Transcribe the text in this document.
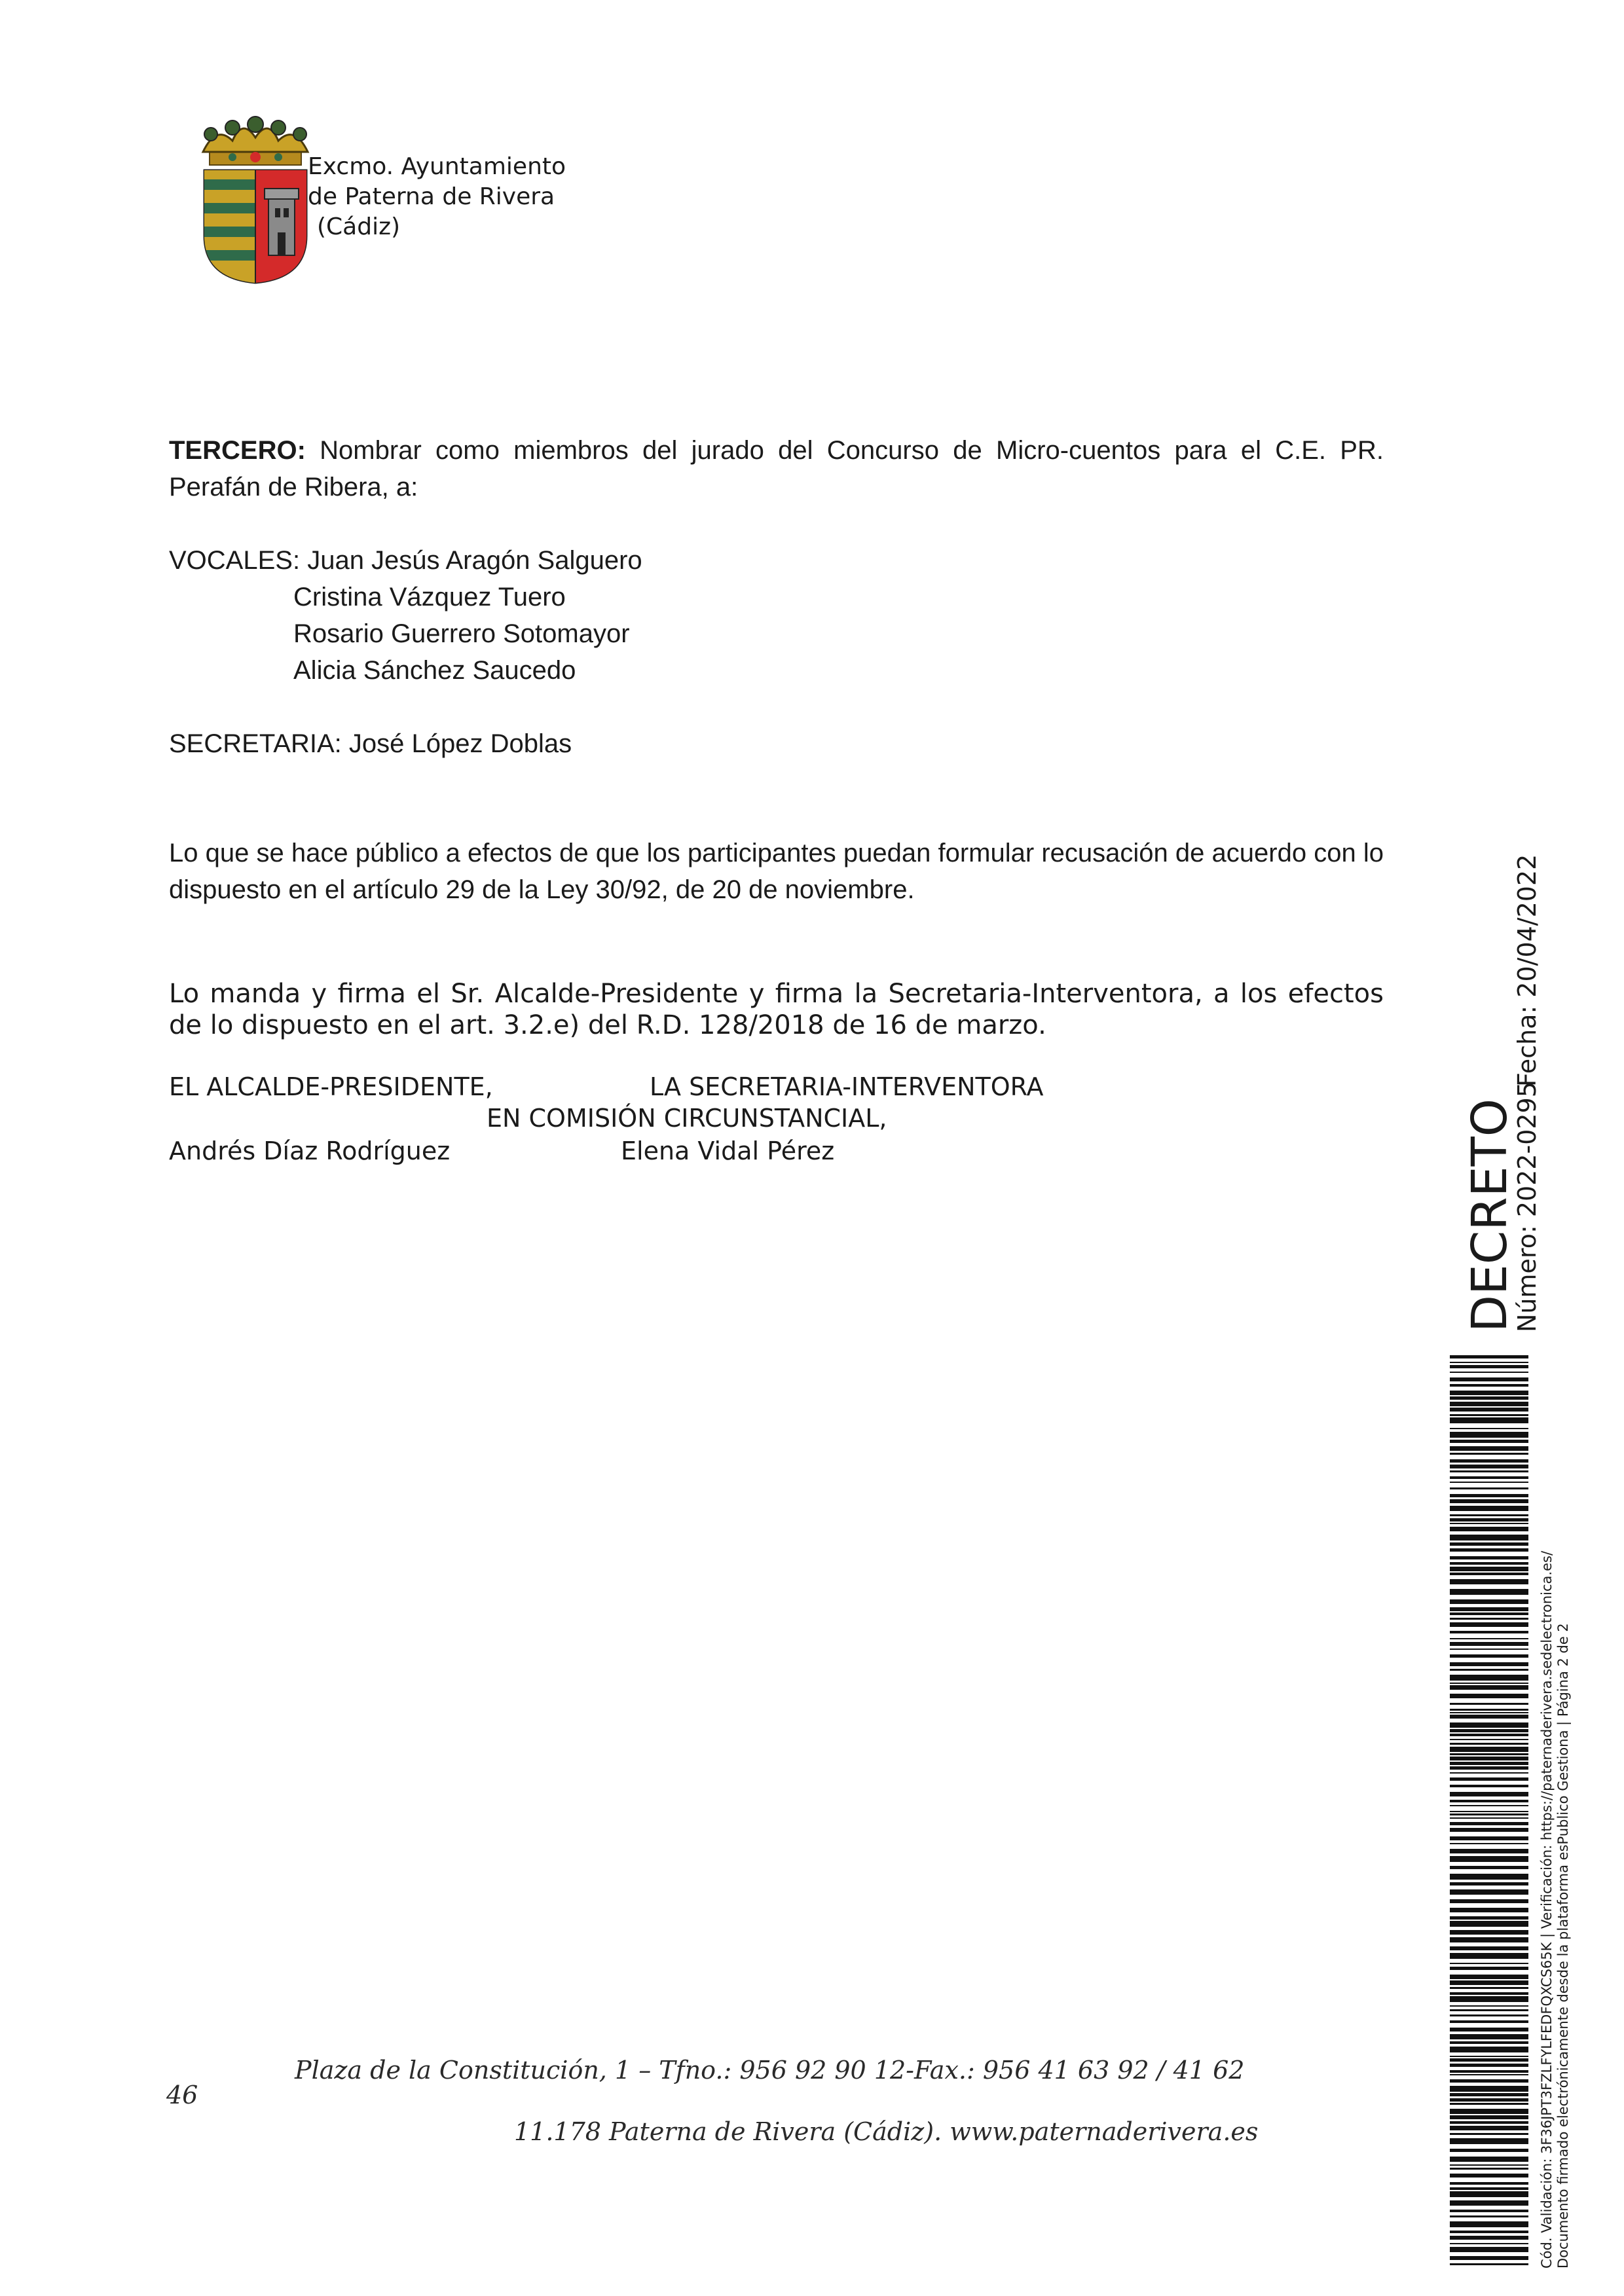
Excmo. Ayuntamiento
de Paterna de Rivera
(Cádiz)
TERCERO: Nombrar como miembros del jurado del Concurso de Micro-cuentos para el C.E. PR. Perafán de Ribera, a:
VOCALES: Juan Jesús Aragón Salguero
Cristina Vázquez Tuero
Rosario Guerrero Sotomayor
Alicia Sánchez Saucedo
SECRETARIA: José López Doblas
Lo que se hace público a efectos de que los participantes puedan formular recusación de acuerdo con lo dispuesto en el artículo 29 de la Ley 30/92, de 20 de noviembre.
Lo manda y firma el Sr. Alcalde-Presidente y firma la Secretaria-Interventora, a los efectos de lo dispuesto en el art. 3.2.e) del R.D. 128/2018 de 16 de marzo.
EL ALCALDE-PRESIDENTE,	LA SECRETARIA-INTERVENTORA
EN COMISIÓN CIRCUNSTANCIAL,
Andrés Díaz Rodríguez	Elena Vidal Pérez
Plaza de la Constitución, 1 – Tfno.: 956 92 90 12-Fax.: 956 41 63 92 / 41 62
46
11.178 Paterna de Rivera (Cádiz). www.paternaderivera.es
DECRETO
Número: 2022-0295
Fecha: 20/04/2022
Cód. Validación: 3F36JPT3FZLFYLFEDFQXCS65K | Verificación: https://paternaderivera.sedelectronica.es/ Documento firmado electrónicamente desde la plataforma esPublico Gestiona | Página 2 de 2
